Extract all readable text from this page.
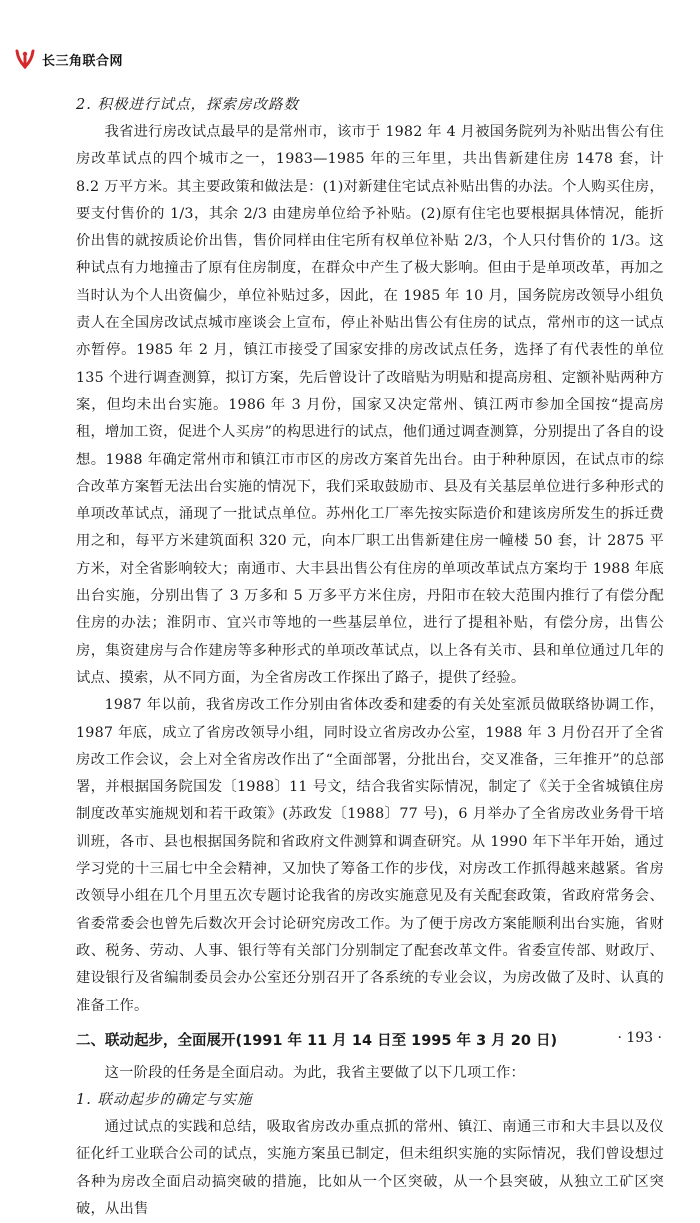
长三角联合网
2. 积极进行试点，探索房改路数

我省进行房改试点最早的是常州市，该市于 1982 年 4 月被国务院列为补贴出售公有住房改革试点的四个城市之一，1983—1985 年的三年里，共出售新建住房 1478 套，计 8.2 万平方米。其主要政策和做法是：(1)对新建住宅试点补贴出售的办法。个人购买住房，要支付售价的 1/3，其余 2/3 由建房单位给予补贴。(2)原有住宅也要根据具体情况，能折价出售的就按质论价出售，售价同样由住宅所有权单位补贴 2/3，个人只付售价的 1/3。这种试点有力地撞击了原有住房制度，在群众中产生了极大影响。但由于是单项改革，再加之当时认为个人出资偏少，单位补贴过多，因此，在 1985 年 10 月，国务院房改领导小组负责人在全国房改试点城市座谈会上宣布，停止补贴出售公有住房的试点，常州市的这一试点亦暂停。1985 年 2 月，镇江市接受了国家安排的房改试点任务，选择了有代表性的单位 135 个进行调查测算，拟订方案，先后曾设计了改暗贴为明贴和提高房租、定额补贴两种方案，但均未出台实施。1986 年 3 月份，国家又决定常州、镇江两市参加全国按“提高房租，增加工资，促进个人买房”的构思进行的试点，他们通过调查测算，分别提出了各自的设想。1988 年确定常州市和镇江市市区的房改方案首先出台。由于种种原因，在试点市的综合改革方案暂无法出台实施的情况下，我们采取鼓励市、县及有关基层单位进行多种形式的单项改革试点，涌现了一批试点单位。苏州化工厂率先按实际造价和建该房所发生的拆迁费用之和，每平方米建筑面积 320 元，向本厂职工出售新建住房一幢楼 50 套，计 2875 平方米，对全省影响较大；南通市、大丰县出售公有住房的单项改革试点方案均于 1988 年底出台实施，分别出售了 3 万多和 5 万多平方米住房，丹阳市在较大范围内推行了有偿分配住房的办法；淮阴市、宜兴市等地的一些基层单位，进行了提租补贴，有偿分房，出售公房，集资建房与合作建房等多种形式的单项改革试点，以上各有关市、县和单位通过几年的试点、摸索，从不同方面，为全省房改工作探出了路子，提供了经验。

1987 年以前，我省房改工作分别由省体改委和建委的有关处室派员做联络协调工作，1987 年底，成立了省房改领导小组，同时设立省房改办公室，1988 年 3 月份召开了全省房改工作会议，会上对全省房改作出了“全面部署，分批出台，交叉准备，三年推开”的总部署，并根据国务院国发〔1988〕11 号文，结合我省实际情况，制定了《关于全省城镇住房制度改革实施规划和若干政策》(苏政发〔1988〕77 号)，6 月举办了全省房改业务骨干培训班，各市、县也根据国务院和省政府文件测算和调查研究。从 1990 年下半年开始，通过学习党的十三届七中全会精神，又加快了筹备工作的步伐，对房改工作抓得越来越紧。省房改领导小组在几个月里五次专题讨论我省的房改实施意见及有关配套政策，省政府常务会、省委常委会也曾先后数次开会讨论研究房改工作。为了便于房改方案能顺利出台实施，省财政、税务、劳动、人事、银行等有关部门分别制定了配套改革文件。省委宣传部、财政厅、建设银行及省编制委员会办公室还分别召开了各系统的专业会议，为房改做了及时、认真的准备工作。

二、联动起步，全面展开(1991 年 11 月 14 日至 1995 年 3 月 20 日)

这一阶段的任务是全面启动。为此，我省主要做了以下几项工作：

1. 联动起步的确定与实施

通过试点的实践和总结，吸取省房改办重点抓的常州、镇江、南通三市和大丰县以及仪征化纤工业联合公司的试点，实施方案虽已制定，但未组织实施的实际情况，我们曾设想过各种为房改全面启动搞突破的措施，比如从一个区突破，从一个县突破，从独立工矿区突破，从出售

· 193 ·
